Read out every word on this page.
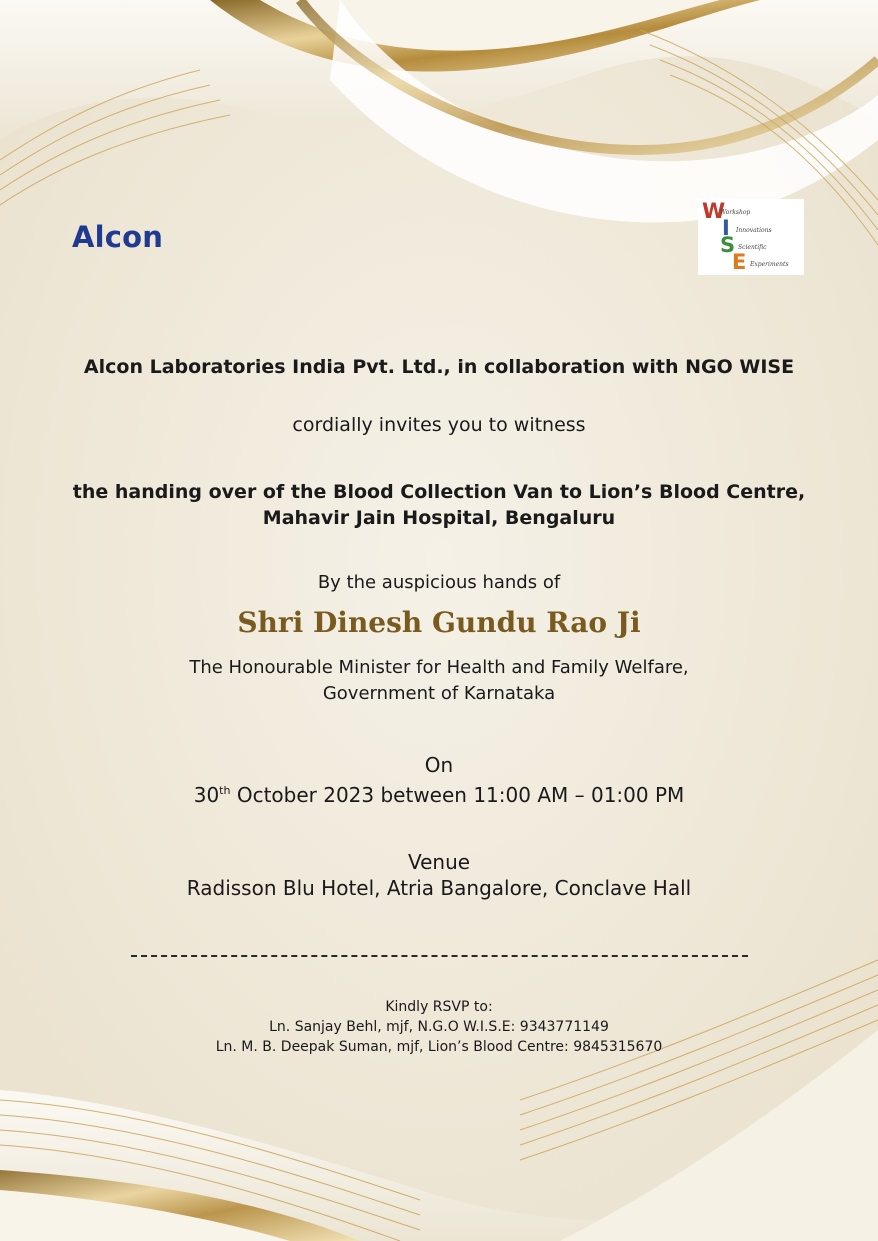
Alcon
W
I
S
E
Workshop
Innovations
Scientific
Experiments
Alcon Laboratories India Pvt. Ltd., in collaboration with NGO WISE
cordially invites you to witness
the handing over of the Blood Collection Van to Lion’s Blood Centre,
Mahavir Jain Hospital, Bengaluru
By the auspicious hands of
Shri Dinesh Gundu Rao Ji
The Honourable Minister for Health and Family Welfare,
Government of Karnataka
On
30th October 2023 between 11:00 AM – 01:00 PM
Venue
Radisson Blu Hotel, Atria Bangalore, Conclave Hall
Kindly RSVP to:
Ln. Sanjay Behl, mjf, N.G.O W.I.S.E: 9343771149
Ln. M. B. Deepak Suman, mjf, Lion’s Blood Centre: 9845315670
